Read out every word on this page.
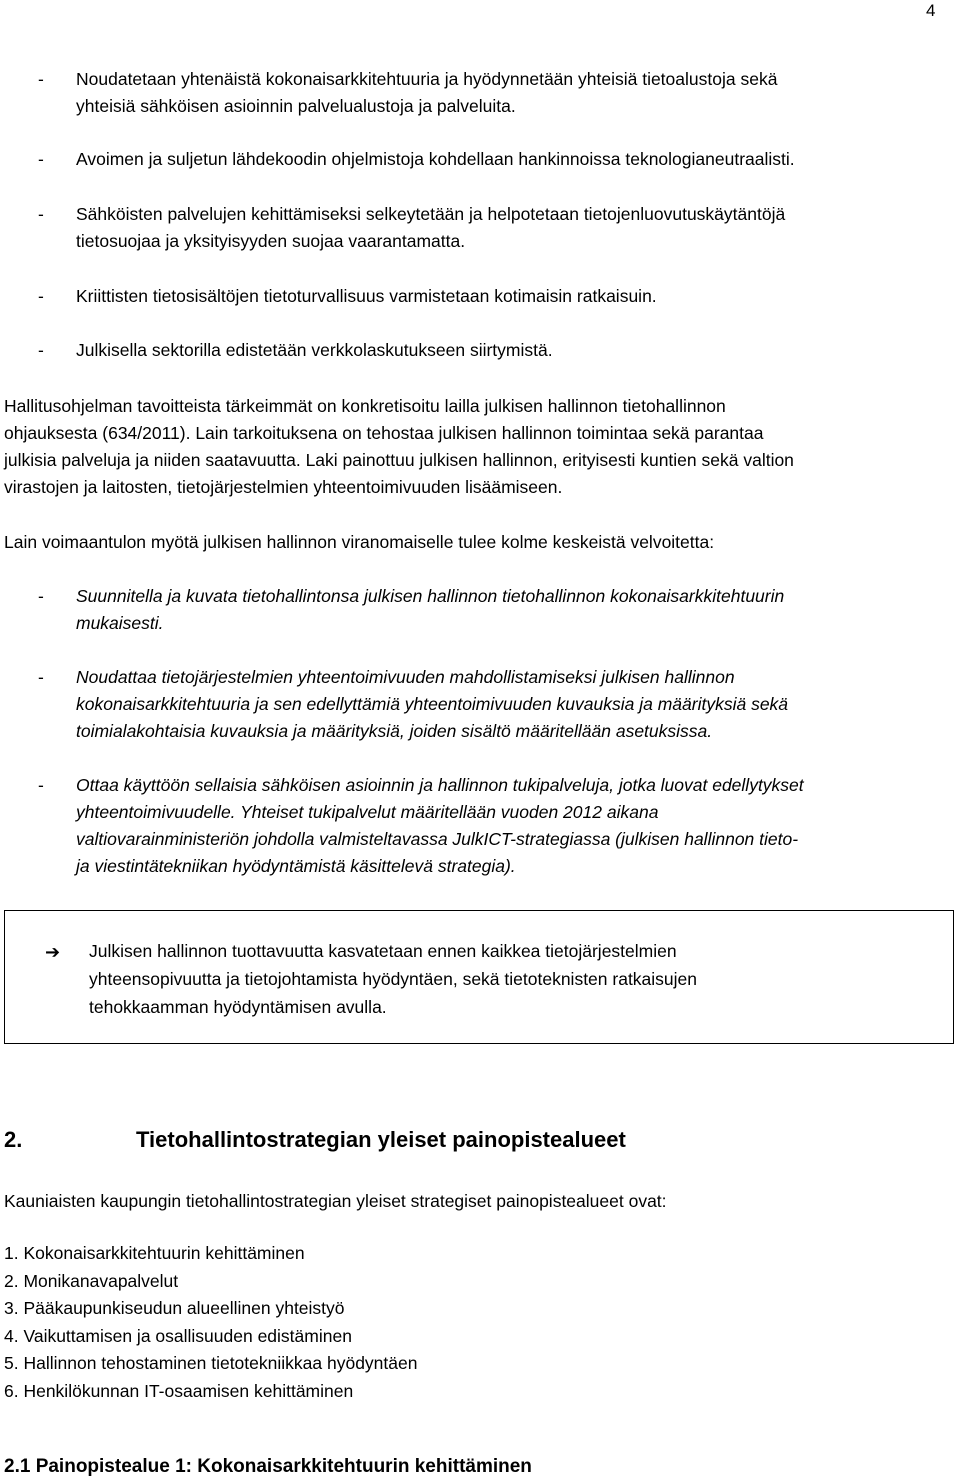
4
- Noudatetaan yhtenäistä kokonaisarkkitehtuuria ja hyödynnetään yhteisiä tietoalustoja sekä
yhteisiä sähköisen asioinnin palvelualustoja ja palveluita.
- Avoimen ja suljetun lähdekoodin ohjelmistoja kohdellaan hankinnoissa teknologianeutraalisti.
- Sähköisten palvelujen kehittämiseksi selkeytetään ja helpotetaan tietojenluovutuskäytäntöjä
tietosuojaa ja yksityisyyden suojaa vaarantamatta.
- Kriittisten tietosisältöjen tietoturvallisuus varmistetaan kotimaisin ratkaisuin.
- Julkisella sektorilla edistetään verkkolaskutukseen siirtymistä.
Hallitusohjelman tavoitteista tärkeimmät on konkretisoitu lailla julkisen hallinnon tietohallinnon
ohjauksesta (634/2011). Lain tarkoituksena on tehostaa julkisen hallinnon toimintaa sekä parantaa
julkisia palveluja ja niiden saatavuutta. Laki painottuu julkisen hallinnon, erityisesti kuntien sekä valtion
virastojen ja laitosten, tietojärjestelmien yhteentoimivuuden lisäämiseen.
Lain voimaantulon myötä julkisen hallinnon viranomaiselle tulee kolme keskeistä velvoitetta:
- Suunnitella ja kuvata tietohallintonsa julkisen hallinnon tietohallinnon kokonaisarkkitehtuurin
mukaisesti.
- Noudattaa tietojärjestelmien yhteentoimivuuden mahdollistamiseksi julkisen hallinnon
kokonaisarkkitehtuuria ja sen edellyttämiä yhteentoimivuuden kuvauksia ja määrityksiä sekä
toimialakohtaisia kuvauksia ja määrityksiä, joiden sisältö määritellään asetuksissa.
- Ottaa käyttöön sellaisia sähköisen asioinnin ja hallinnon tukipalveluja, jotka luovat edellytykset
yhteentoimivuudelle. Yhteiset tukipalvelut määritellään vuoden 2012 aikana
valtiovarainministeriön johdolla valmisteltavassa JulkICT-strategiassa (julkisen hallinnon tieto-
ja viestintätekniikan hyödyntämistä käsittelevä strategia).
➔ Julkisen hallinnon tuottavuutta kasvatetaan ennen kaikkea tietojärjestelmien
yhteensopivuutta ja tietojohtamista hyödyntäen, sekä tietoteknisten ratkaisujen
tehokkaamman hyödyntämisen avulla.
2.	Tietohallintostrategian yleiset painopistealueet
Kauniaisten kaupungin tietohallintostrategian yleiset strategiset painopistealueet ovat:
1. Kokonaisarkkitehtuurin kehittäminen
2. Monikanavapalvelut
3. Pääkaupunkiseudun alueellinen yhteistyö
4. Vaikuttamisen ja osallisuuden edistäminen
5. Hallinnon tehostaminen tietotekniikkaa hyödyntäen
6. Henkilökunnan IT-osaamisen kehittäminen
2.1 Painopistealue 1: Kokonaisarkkitehtuurin kehittäminen
